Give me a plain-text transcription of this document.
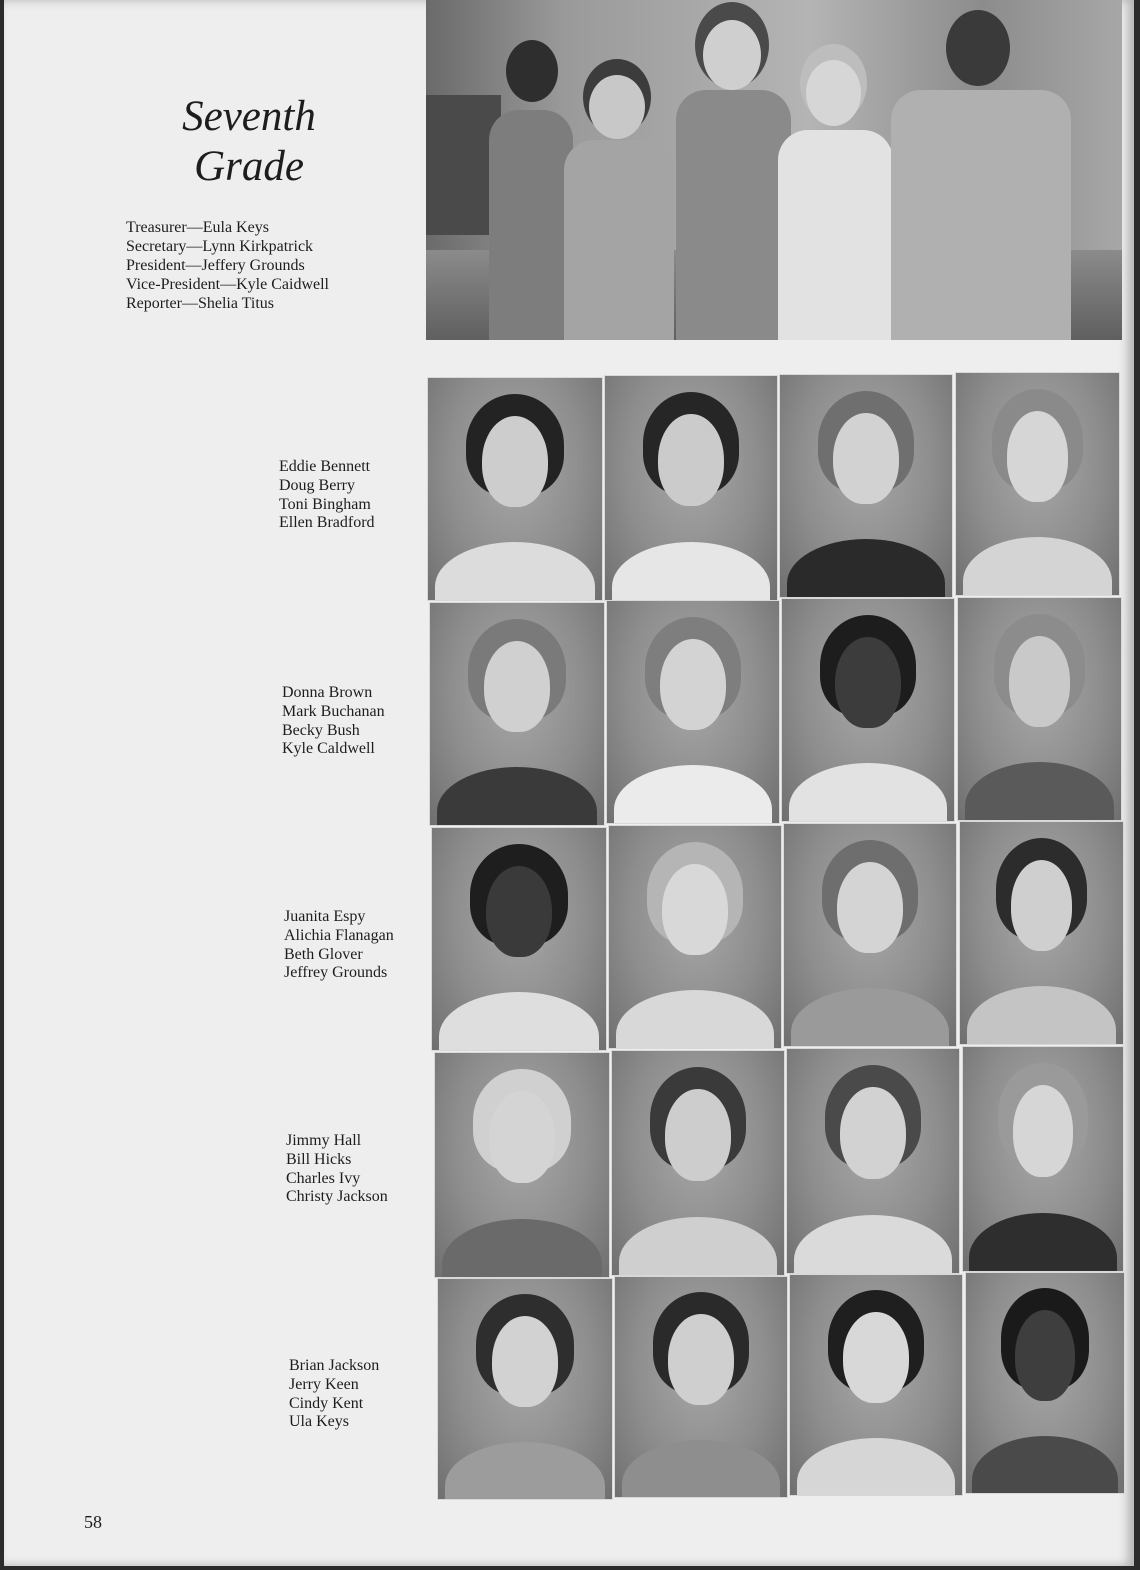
Seventh
Grade
Treasurer—Eula Keys
Secretary—Lynn Kirkpatrick
President—Jeffery Grounds
Vice-President—Kyle Caidwell
Reporter—Shelia Titus
Eddie Bennett
Doug Berry
Toni Bingham
Ellen Bradford
Donna Brown
Mark Buchanan
Becky Bush
Kyle Caldwell
Juanita Espy
Alichia Flanagan
Beth Glover
Jeffrey Grounds
Jimmy Hall
Bill Hicks
Charles Ivy
Christy Jackson
Brian Jackson
Jerry Keen
Cindy Kent
Ula Keys
58
